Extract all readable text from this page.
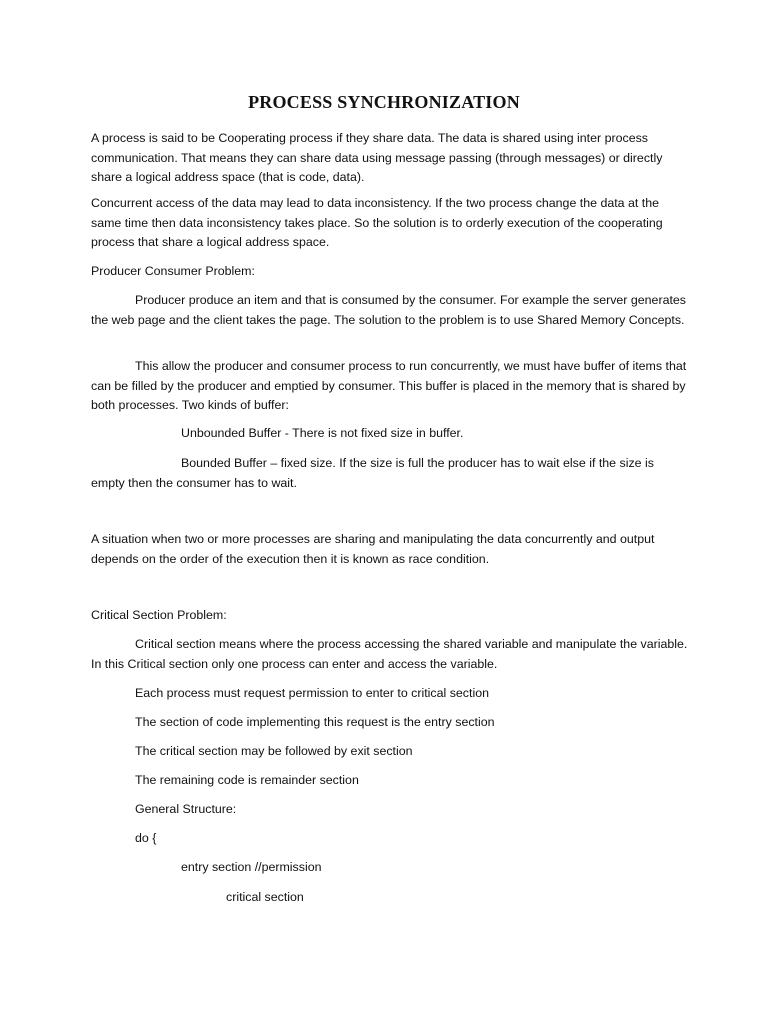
PROCESS SYNCHRONIZATION

A process is said to be Cooperating process if they share data. The data is shared using inter process communication. That means they can share data using message passing (through messages) or directly share a logical address space (that is code, data).

Concurrent access of the data may lead to data inconsistency. If the two process change the data at the same time then data inconsistency takes place. So the solution is to orderly execution of the cooperating process that share a logical address space.

Producer Consumer Problem:

Producer produce an item and that is consumed by the consumer. For example the server generates the web page and the client takes the page. The solution to the problem is to use Shared Memory Concepts.

This allow the producer and consumer process to run concurrently, we must have buffer of items that can be filled by the producer and emptied by consumer. This buffer is placed in the memory that is shared by both processes. Two kinds of buffer:

Unbounded Buffer - There is not fixed size in buffer.

Bounded Buffer – fixed size. If the size is full the producer has to wait else if the size is empty then the consumer has to wait.

A situation when two or more processes are sharing and manipulating the data concurrently and output depends on the order of the execution then it is known as race condition.

Critical Section Problem:

Critical section means where the process accessing the shared variable and manipulate the variable. In this Critical section only one process can enter and access the variable.

Each process must request permission to enter to critical section

The section of code implementing this request is the entry section

The critical section may be followed by exit section

The remaining code is remainder section

General Structure:

do {

entry section //permission

critical section
